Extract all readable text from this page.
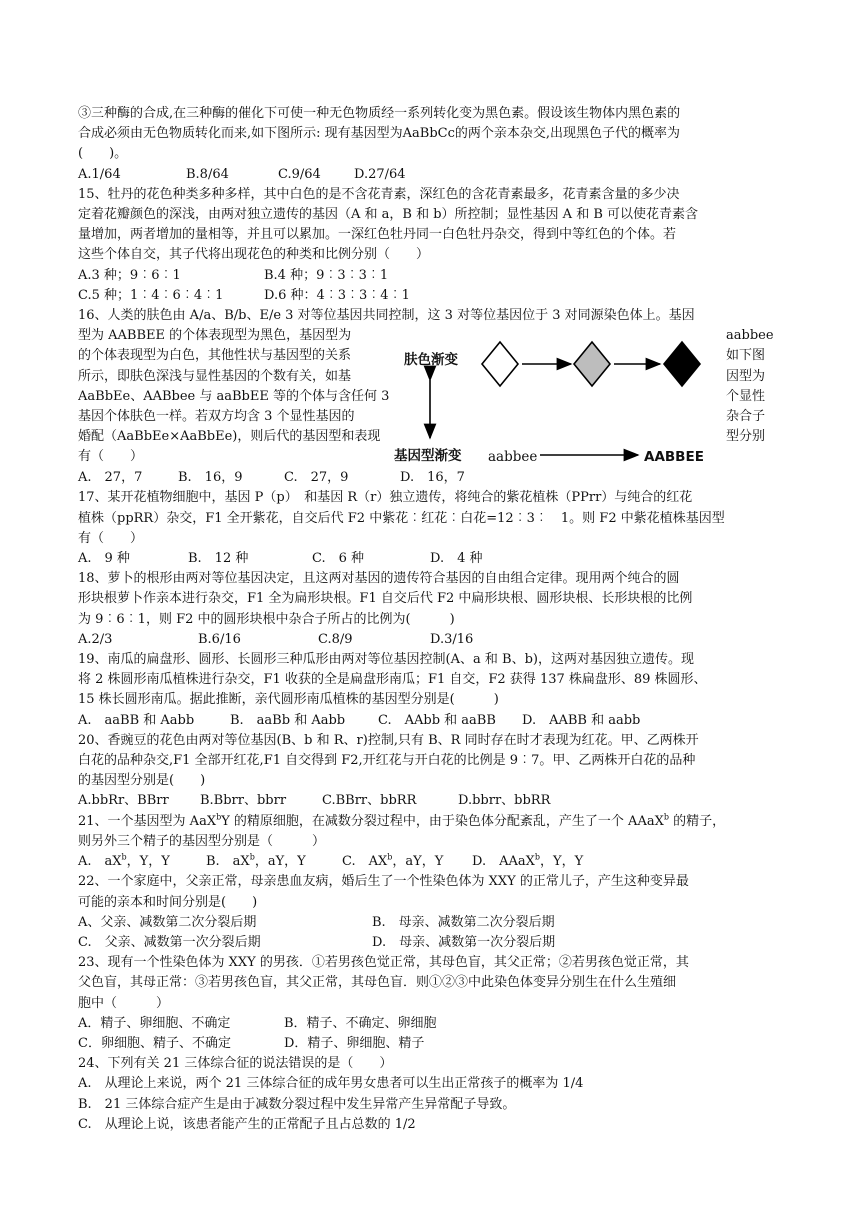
③三种酶的合成,在三种酶的催化下可使一种无色物质经一系列转化变为黑色素。假设该生物体内黑色素的
合成必须由无色物质转化而来,如下图所示: 现有基因型为AaBbCc的两个亲本杂交,出现黑色子代的概率为
(　　)。
A.1/64	B.8/64	C.9/64	D.27/64
15、牡丹的花色种类多种多样，其中白色的是不含花青素，深红色的含花青素最多，花青素含量的多少决
定着花瓣颜色的深浅，由两对独立遗传的基因（A 和 a，B 和 b）所控制；显性基因 A 和 B 可以使花青素含
量增加，两者增加的量相等，并且可以累加。一深红色牡丹同一白色牡丹杂交，得到中等红色的个体。若
这些个体自交，其子代将出现花色的种类和比例分别（　　）
A.3 种；9︰6︰1	B.4 种；9︰3︰3︰1
C.5 种；1︰4︰6︰4︰1	D.6 种：4︰3︰3︰4︰1
16、人类的肤色由 A/a、B/b、E/e 3 对等位基因共同控制，这 3 对等位基因位于 3 对同源染色体上。基因
型为 AABBEE 的个体表现型为黑色，基因型为
的个体表现型为白色，其他性状与基因型的关系
所示，即肤色深浅与显性基因的个数有关，如基
AaBbEe、AABbee 与 aaBbEE 等的个体与含任何 3
基因个体肤色一样。若双方均含 3 个显性基因的
婚配（AaBbEe×AaBbEe)，则后代的基因型和表现
有（　　）
肤色渐变
基因型渐变 aabbee	AABBEE
aabbee
如下图
因型为
个显性
杂合子
型分别
A.　27，7	B.　16，9	C.　27，9	D.　16，7
17、某开花植物细胞中，基因 P（p）　和基因 R（r）独立遗传，将纯合的紫花植株（PPrr）与纯合的红花
植株（ppRR）杂交，F1 全开紫花，自交后代 F2 中紫花︰红花︰白花=12︰3︰　1。则 F2 中紫花植株基因型
有（　　）
A.　9 种	B.　12 种	C.　6 种	D.　4 种
18、萝卜的根形由两对等位基因决定，且这两对基因的遗传符合基因的自由组合定律。现用两个纯合的圆
形块根萝卜作亲本进行杂交，F1 全为扁形块根。F1 自交后代 F2 中扁形块根、圆形块根、长形块根的比例
为 9︰6︰1，则 F2 中的圆形块根中杂合子所占的比例为(　　　)
A.2/3	B.6/16	C.8/9	D.3/16
19、南瓜的扁盘形、圆形、长圆形三种瓜形由两对等位基因控制(A、a 和 B、b)，这两对基因独立遗传。现
将 2 株圆形南瓜植株进行杂交，F1 收获的全是扁盘形南瓜；F1 自交，F2 获得 137 株扁盘形、89 株圆形、
15 株长圆形南瓜。据此推断，亲代圆形南瓜植株的基因型分别是(　　　)
A.　aaBB 和 Aabb	B.　aaBb 和 Aabb	C.　AAbb 和 aaBB	D.　AABB 和 aabb
20、香豌豆的花色由两对等位基因(B、b 和 R、r)控制,只有 B、R 同时存在时才表现为红花。甲、乙两株开
白花的品种杂交,F1 全部开红花,F1 自交得到 F2,开红花与开白花的比例是 9︰7。甲、乙两株开白花的品种
的基因型分别是(　　)
A.bbRr、BBrr	B.Bbrr、bbrr	C.BBrr、bbRR	D.bbrr、bbRR
21、一个基因型为 AaX$^b$Y 的精原细胞，在减数分裂过程中，由于染色体分配紊乱，产生了一个 AAaX$^b$ 的精子，
则另外三个精子的基因型分别是（　　　）
A.　$aX^b$，Y，Y	B.　$aX^b$，aY，Y	C.　$AX^b$，aY，Y	D.　AAaX$^b$，Y，Y
22、一个家庭中，父亲正常，母亲患血友病，婚后生了一个性染色体为 XXY 的正常儿子，产生这种变异最
可能的亲本和时间分别是(　　)
A、父亲、减数第二次分裂后期	B.　母亲、减数第二次分裂后期
C.　父亲、减数第一次分裂后期	D.　母亲、减数第一次分裂后期
23、现有一个性染色体为 XXY 的男孩．①若男孩色觉正常，其母色盲，其父正常；②若男孩色觉正常，其
父色盲，其母正常：③若男孩色盲，其父正常，其母色盲．则①②③中此染色体变异分别生在什么生殖细
胞中（　　　）
A．精子、卵细胞、不确定	B．精子、不确定、卵细胞
C．卵细胞、精子、不确定	D．精子、卵细胞、精子
24、下列有关 21 三体综合征的说法错误的是（　　）
A.　从理论上来说，两个 21 三体综合征的成年男女患者可以生出正常孩子的概率为 1/4
B.　21 三体综合症产生是由于减数分裂过程中发生异常产生异常配子导致。
C.　从理论上说，该患者能产生的正常配子且占总数的 1/2
